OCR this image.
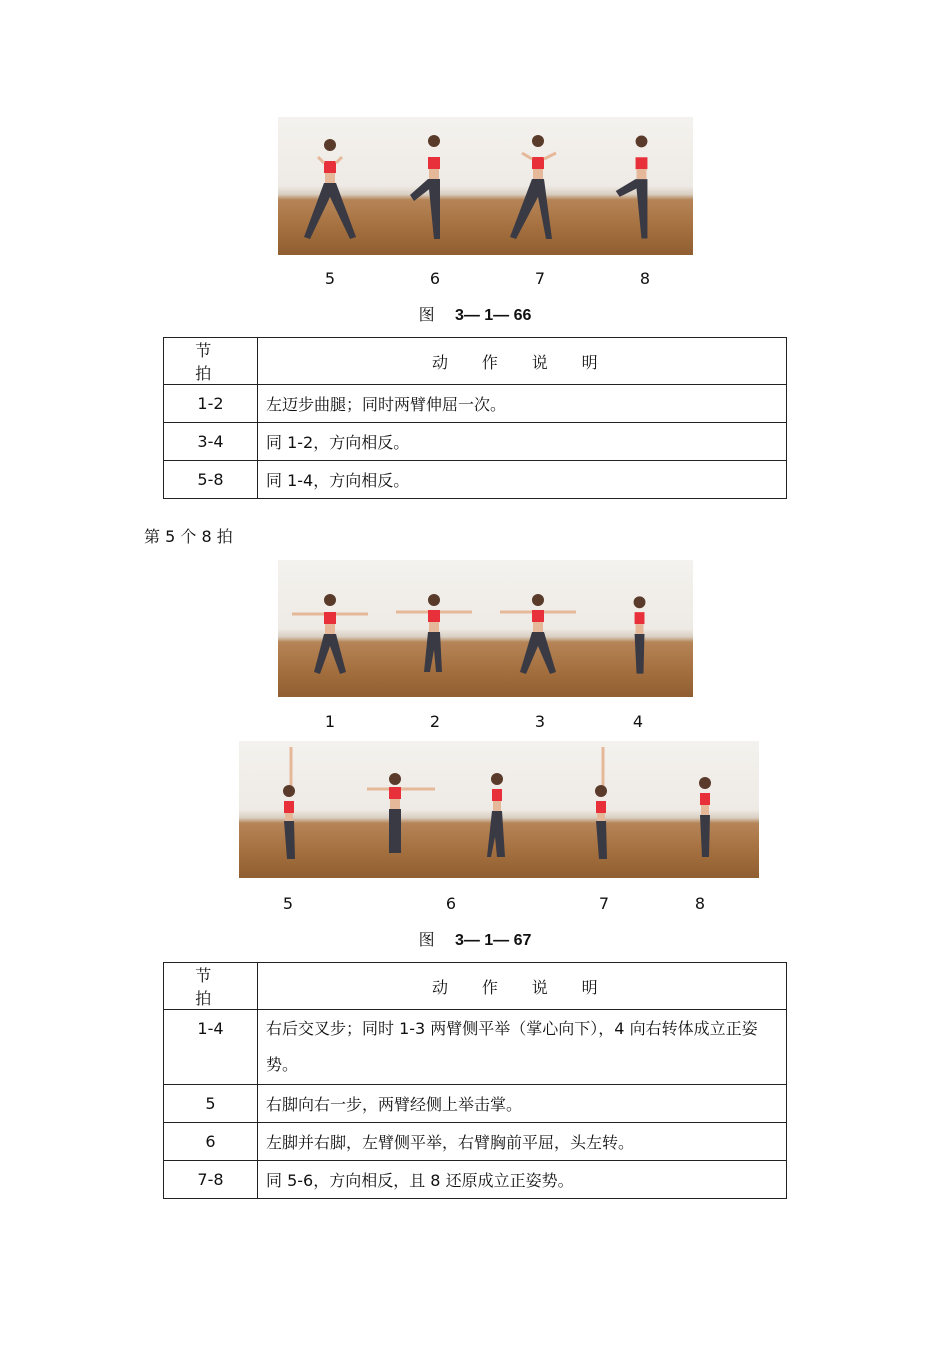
5	6	7	8
图 3— 1— 66
节 拍	动 作 说 明
1-2	左迈步曲腿；同时两臂伸屈一次。
3-4	同 1-2，方向相反。
5-8	同 1-4，方向相反。
第 5 个 8 拍
1	2	3	4
5	6	7	8
图 3— 1— 67
节 拍	动 作 说 明
1-4	右后交叉步；同时 1-3 两臂侧平举（掌心向下），4 向右转体成立正姿势。
5	右脚向右一步，两臂经侧上举击掌。
6	左脚并右脚，左臂侧平举，右臂胸前平屈，头左转。
7-8	同 5-6，方向相反，且 8 还原成立正姿势。
